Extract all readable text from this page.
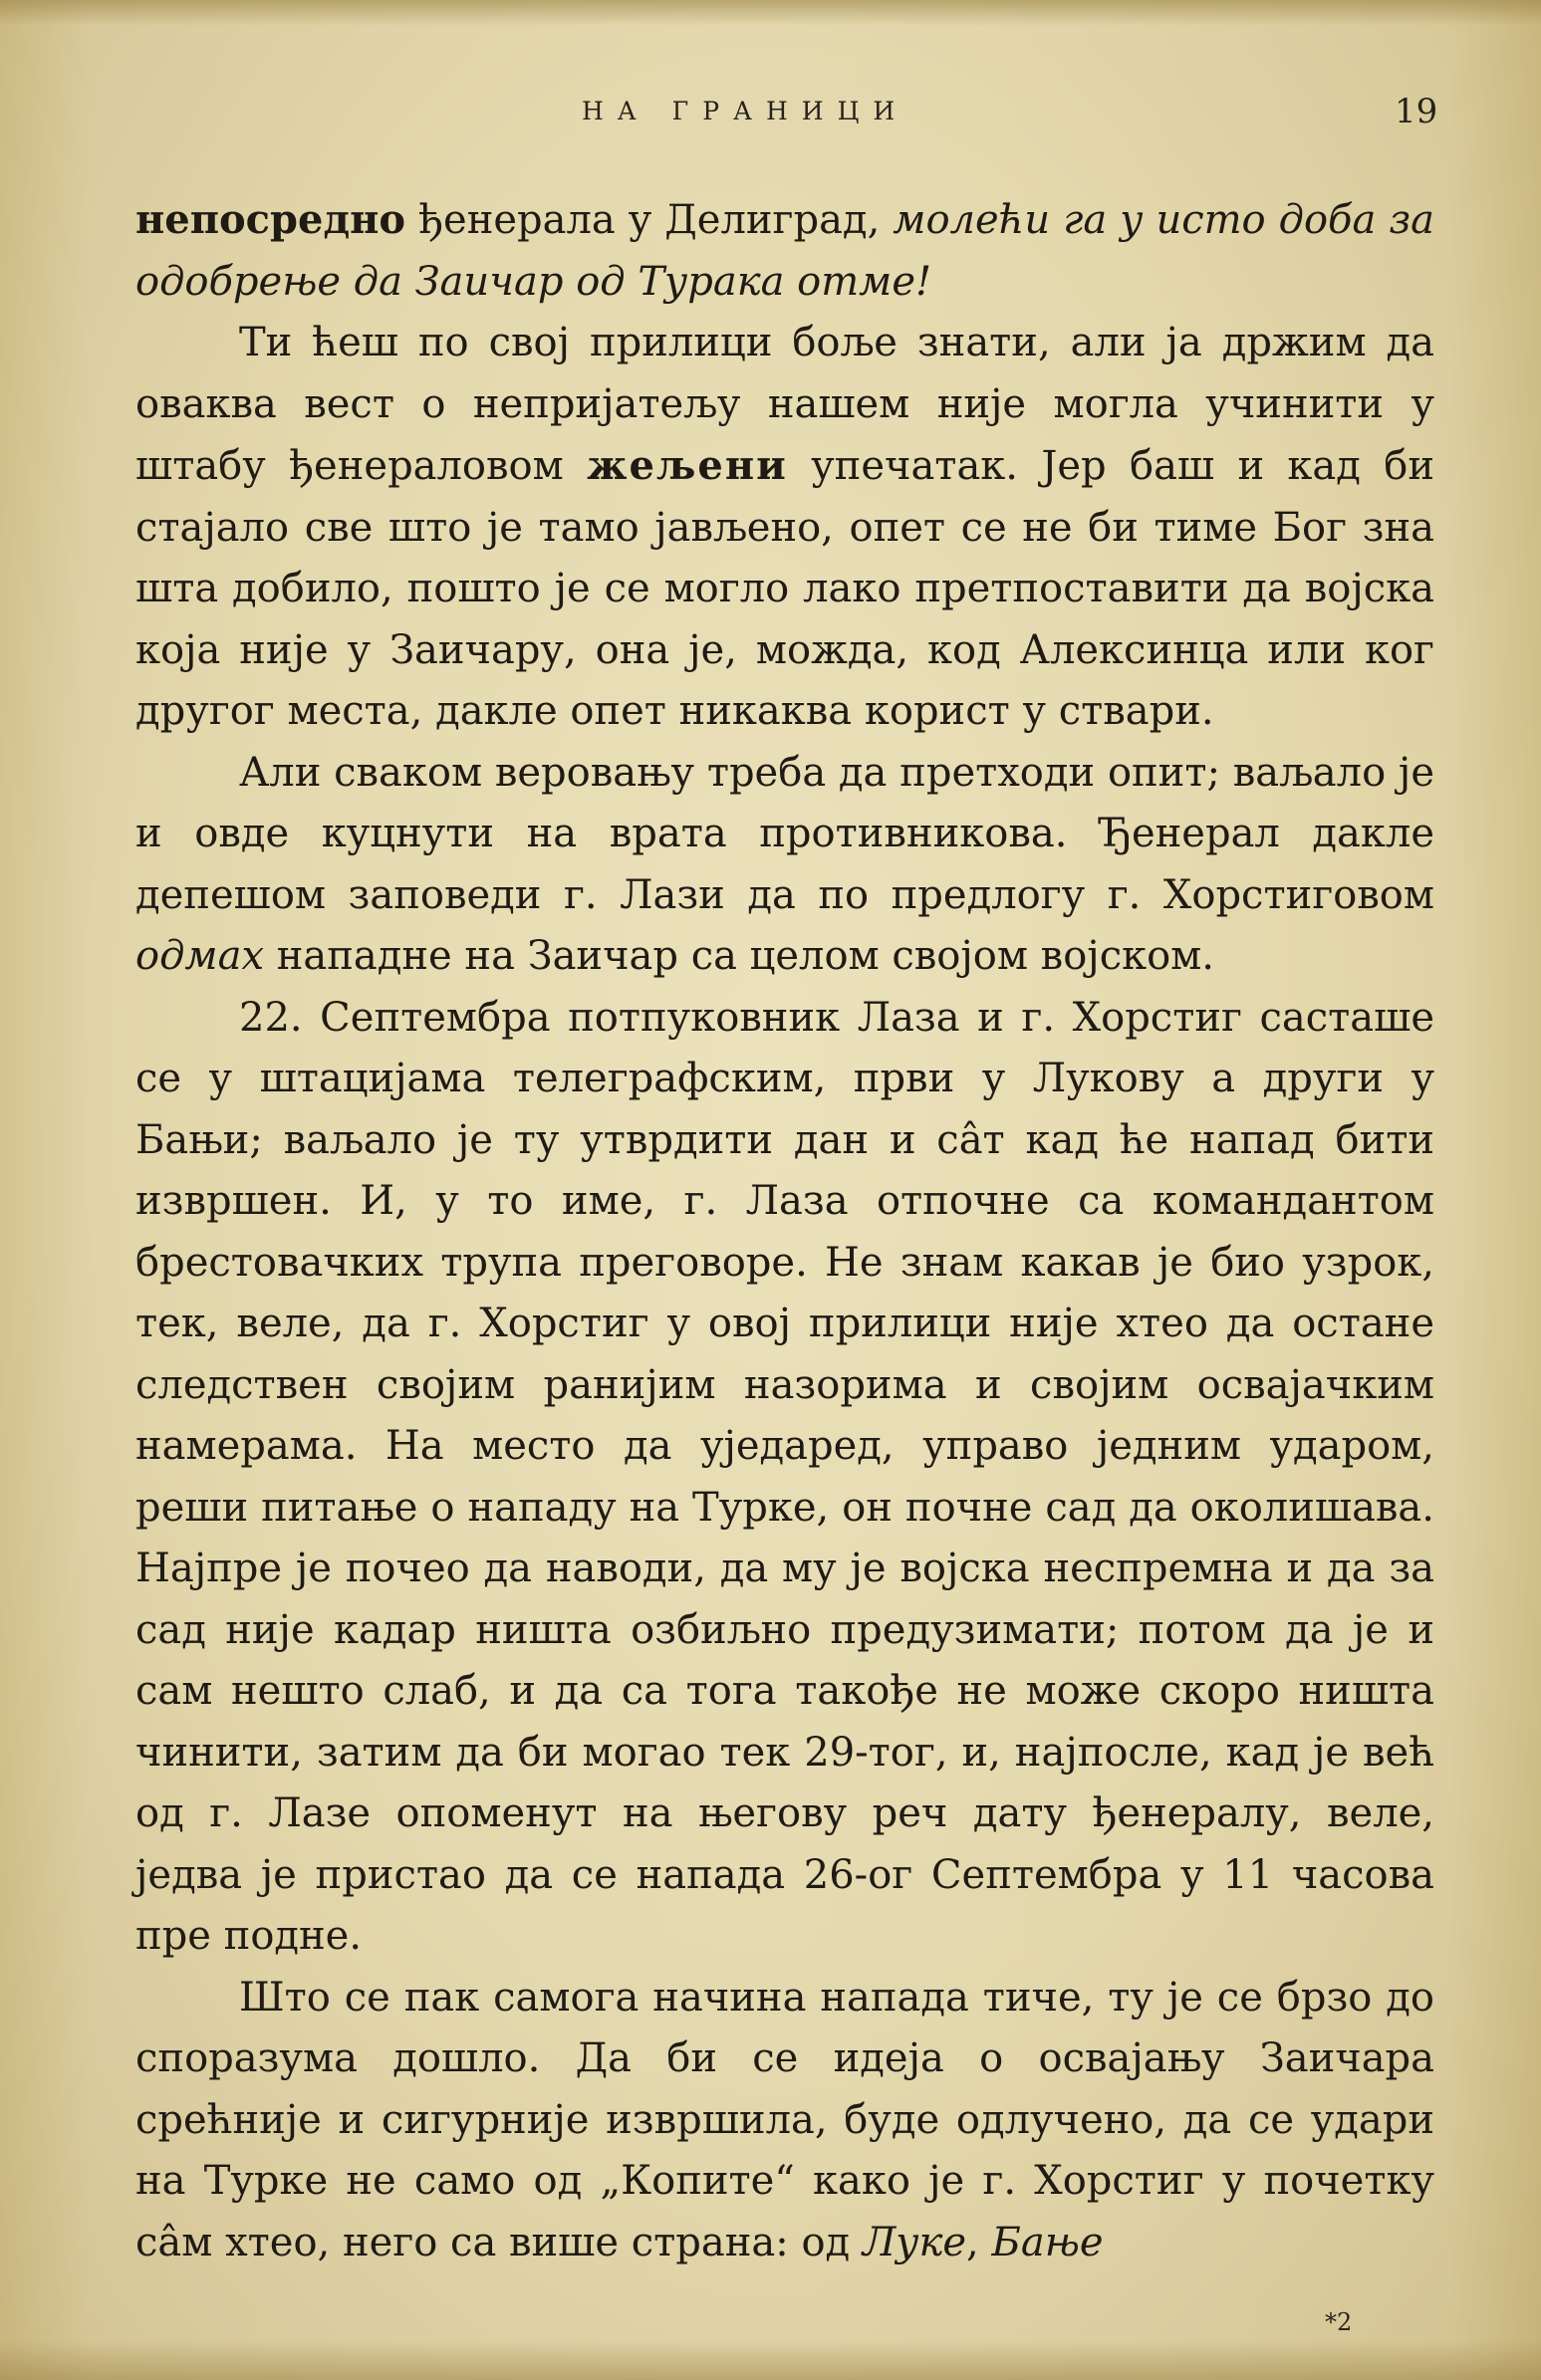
НА ГРАНИЦИ	19

непосредно ђенерала у Делиград, молећи га у исто доба за одобрење да Заичар од Турака отме!

Ти ћеш по свој прилици боље знати, али ја држим да оваква вест о непријатељу нашем није могла учинити у штабу ђенераловом жељени упечатак. Јер баш и кад би стајало све што је тамо јављено, опет се не би тиме Бог зна шта добило, пошто је се могло лако претпоставити да војска која није у Заичару, она је, можда, код Алексинца или ког другог места, дакле опет никаква корист у ствари.

Али сваком веровању треба да претходи опит; ваљало је и овде куцнути на врата противникова. Ђенерал дакле депешом заповеди г. Лази да по предлогу г. Хорстиговом одмах нападне на Заичар са целом својом војском.

22. Септембра потпуковник Лаза и г. Хорстиг састаше се у штацијама телеграфским, први у Лукову а други у Бањи; ваљало је ту утврдити дан и са̂т кад ће напад бити извршен. И, у то име, г. Лаза отпочне са командантом брестовачких трупа преговоре. Не знам какав је био узрок, тек, веле, да г. Хорстиг у овој прилици није хтео да остане следствен својим ранијим назорима и својим освајачким намерама. На место да уједаред, управо једним ударом, реши питање о нападу на Турке, он почне сад да околишава. Најпре је почео да наводи, да му је војска неспремна и да за сад није кадар ништа озбиљно предузимати; потом да је и сам нешто слаб, и да са тога такође не може скоро ништа чинити, затим да би могао тек 29-тог, и, најпосле, кад је већ од г. Лазе опоменут на његову реч дату ђенералу, веле, једва је пристао да се напада 26-ог Септембра у 11 часова пре подне.

Што се пак самога начина напада тиче, ту је се брзо до споразума дошло. Да би се идеја о освајању Заичара срећније и сигурније извршила, буде одлучено, да се удари на Турке не само од „Копите“ како је г. Хорстиг у почетку са̂м хтео, него са више страна: од Луке, Бање

*2
